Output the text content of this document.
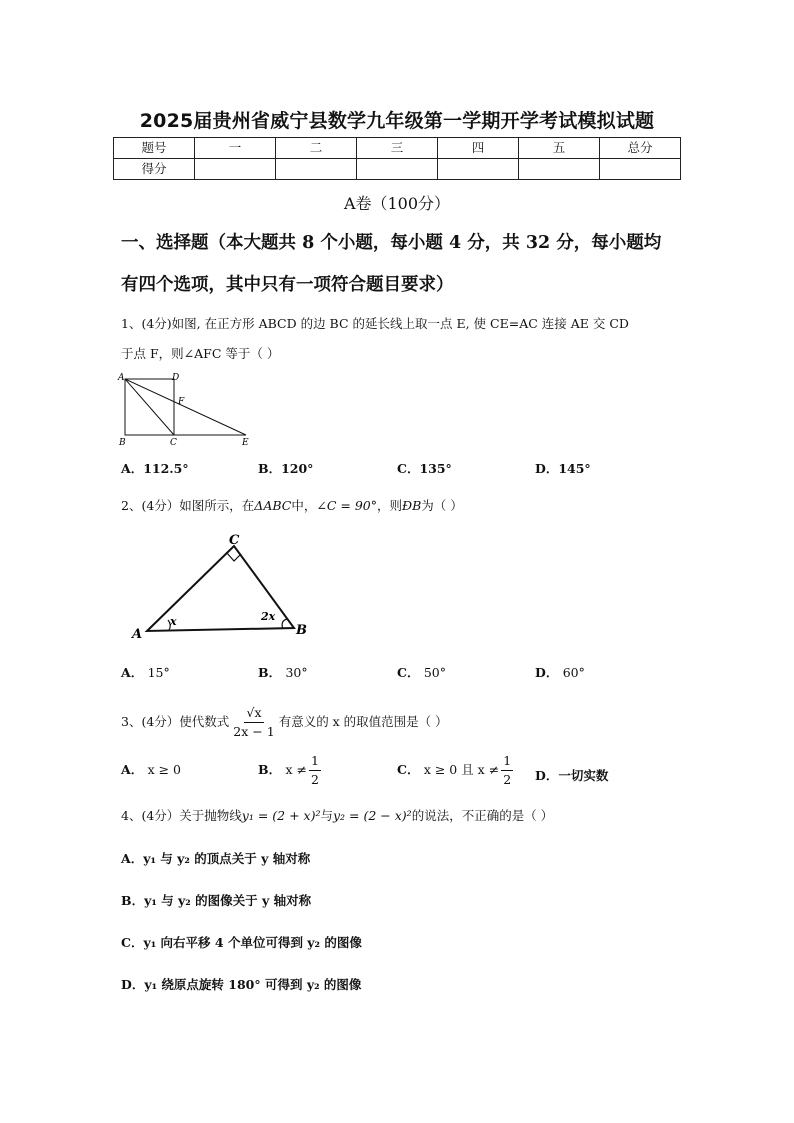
2025届贵州省威宁县数学九年级第一学期开学考试模拟试题
题号	一	二	三	四	五	总分
得分						
A卷（100分）
一、选择题（本大题共 8 个小题，每小题 4 分，共 32 分，每小题均
有四个选项，其中只有一项符合题目要求）
1、(4分)如图, 在正方形 ABCD 的边 BC 的延长线上取一点 E, 使 CE=AC 连接 AE 交 CD
于点 F，则∠AFC 等于（ ）
A	D
F
B	C	E
A．112.5°	B．120°	C．135°	D．145°
2、(4分）如图所示，在ΔABC中，∠C = 90°，则ÐB为（ ）
C
A	B
x	2x
A． 15°	B． 30°	C． 50°	D． 60°
3、(4分）使代数式 $\frac{√x}{2x - 1}$ 有意义的 x 的取值范围是（ ）
A． x ≥ 0	B． $x \ne \frac{1}{2}$	C． x ≥ 0 且 $x \ne \frac{1}{2}$ D．一切实数
4、(4分）关于抛物线y₁ = (2 + x)²与y₂ = (2 − x)²的说法，不正确的是（ ）
A．y₁ 与 y₂ 的顶点关于 y 轴对称
B．y₁ 与 y₂ 的图像关于 y 轴对称
C．y₁ 向右平移 4 个单位可得到 y₂ 的图像
D．y₁ 绕原点旋转 180° 可得到 y₂ 的图像
